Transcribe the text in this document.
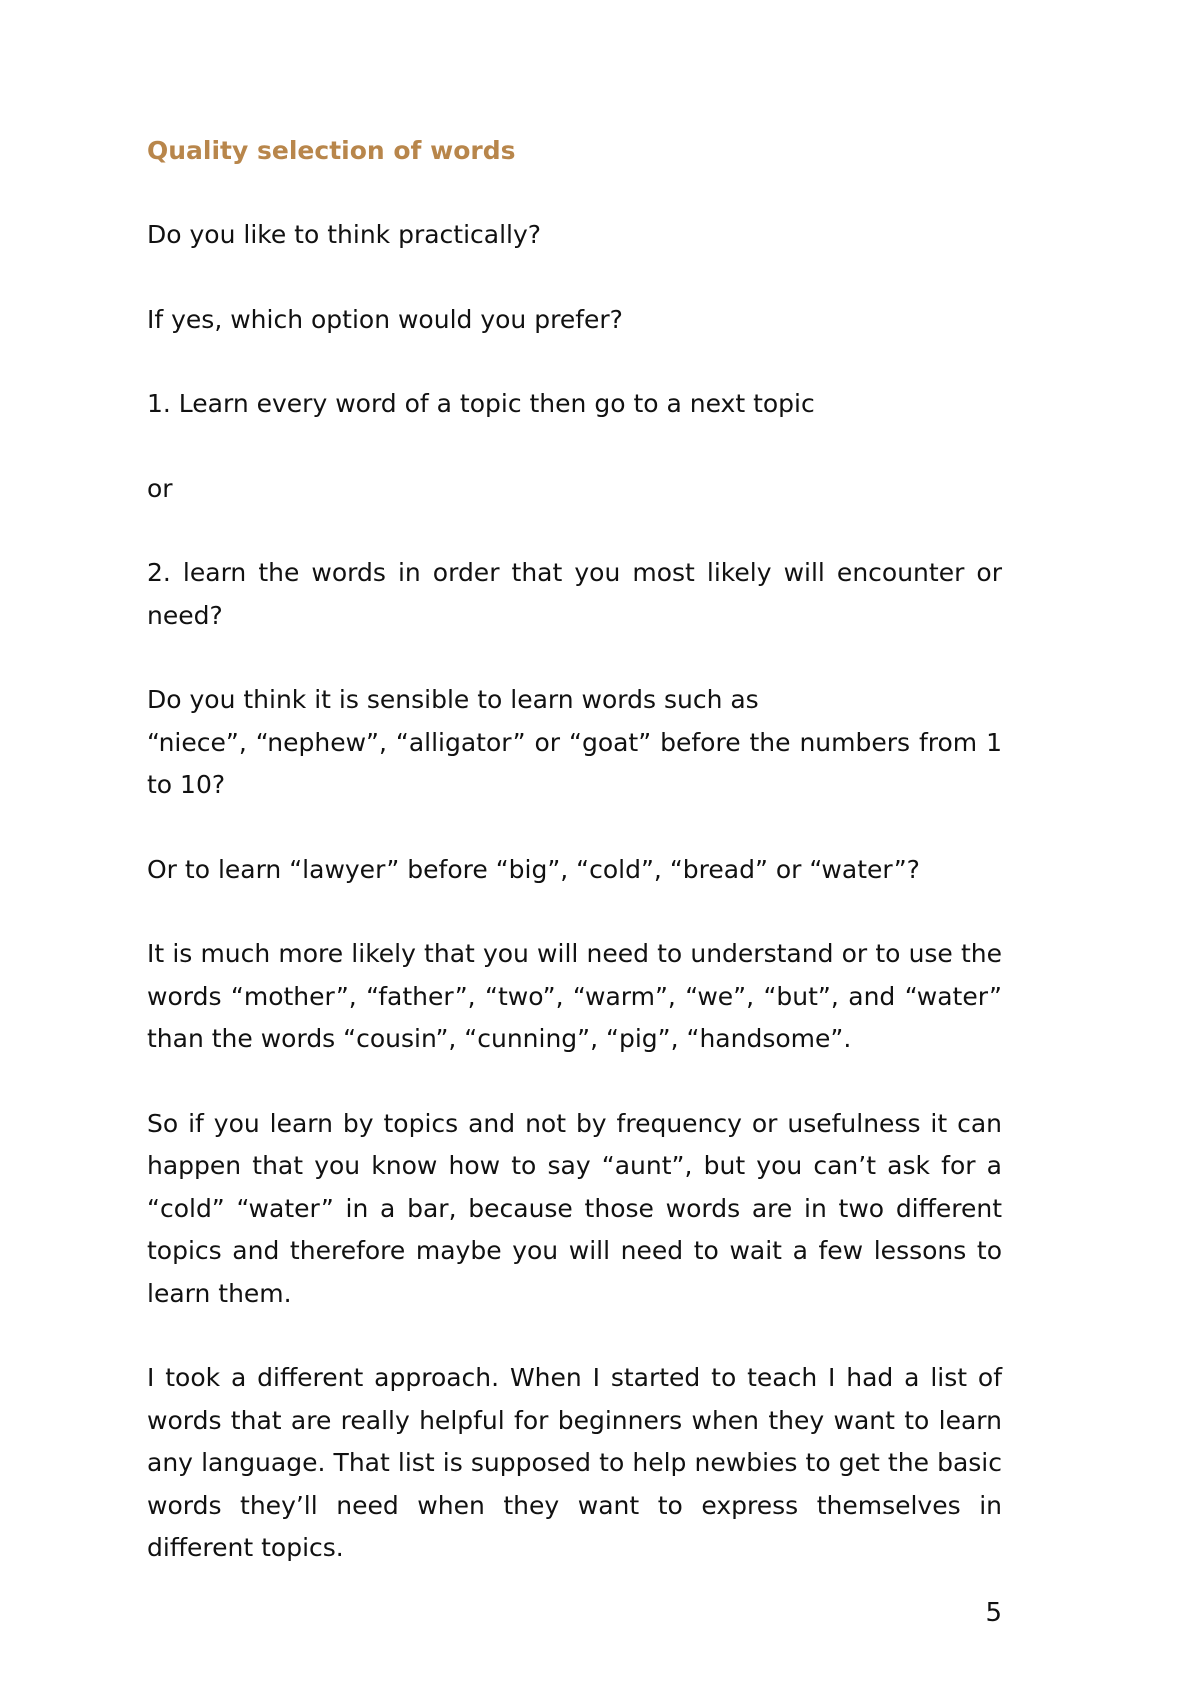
Quality selection of words

Do you like to think practically?

If yes, which option would you prefer?

1. Learn every word of a topic then go to a next topic

or

2. learn the words in order that you most likely will encounter or need?

Do you think it is sensible to learn words such as

“niece”, “nephew”, “alligator” or “goat” before the numbers from 1 to 10?

Or to learn “lawyer” before “big”, “cold”, “bread” or “water”?

It is much more likely that you will need to understand or to use the words “mother”, “father”, “two”, “warm”, “we”, “but”, and “water” than the words “cousin”, “cunning”, “pig”, “handsome”.

So if you learn by topics and not by frequency or usefulness it can happen that you know how to say “aunt”, but you can’t ask for a “cold” “water” in a bar, because those words are in two different topics and therefore maybe you will need to wait a few lessons to learn them.

I took a different approach. When I started to teach I had a list of words that are really helpful for beginners when they want to learn any language. That list is supposed to help newbies to get the basic words they’ll need when they want to express themselves in different topics.

5
